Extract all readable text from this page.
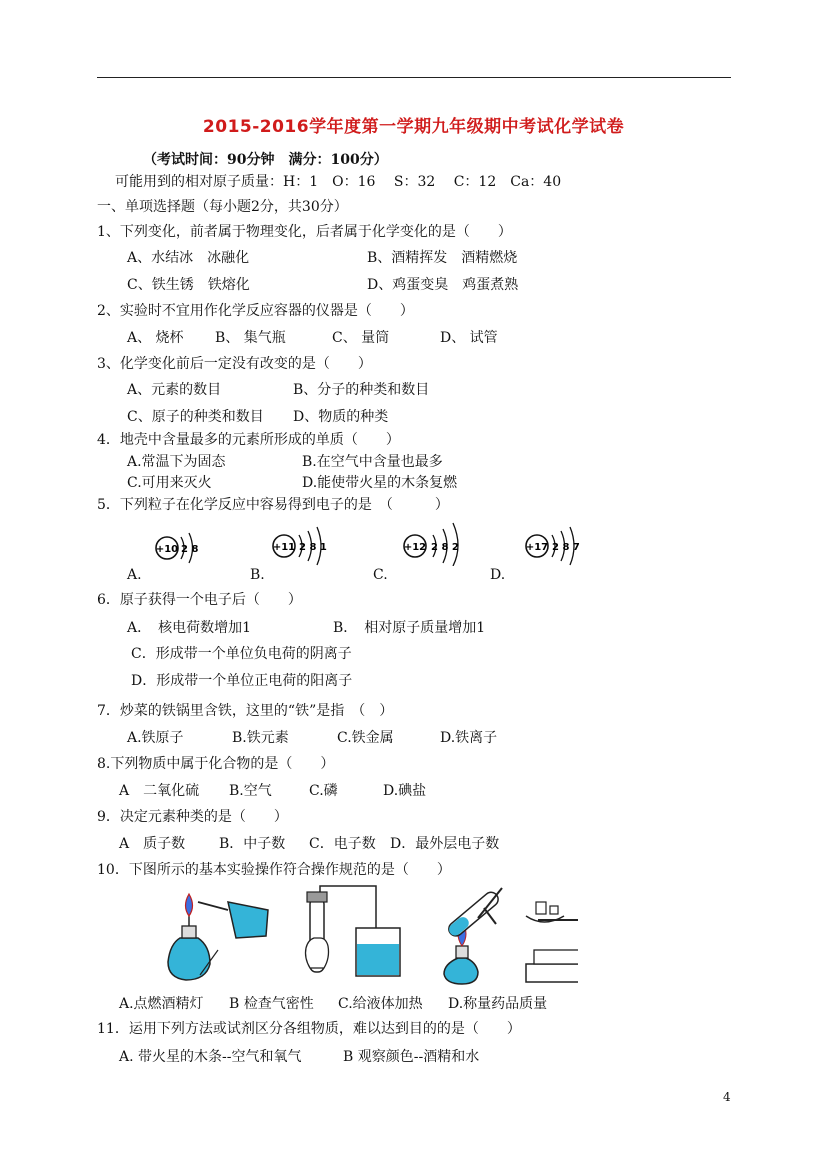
2015-2016学年度第一学期九年级期中考试化学试卷
（考试时间：90分钟　满分：100分）
可能用到的相对原子质量：H：1　O：16　 S：32　 C：12　Ca：40
一、单项选择题（每小题2分，共30分）
1、下列变化，前者属于物理变化，后者属于化学变化的是（　　）
A、水结冰　冰融化	B、酒精挥发　酒精燃烧
C、铁生锈　铁熔化	D、鸡蛋变臭　鸡蛋煮熟
2、实验时不宜用作化学反应容器的仪器是（　　）
A、 烧杯 B、 集气瓶	C、 量筒	D、 试管
3、化学变化前后一定没有改变的是（　　）
A、元素的数目	B、分子的种类和数目
C、原子的种类和数目 D、物质的种类
4．地壳中含量最多的元素所形成的单质（　　）
A.常温下为固态	B.在空气中含量也最多
C.可用来灭火	D.能使带火星的木条复燃
5．下列粒子在化学反应中容易得到电子的是　（　　　）
+10 2 8	+11 2 8 1	+12 2 8 2	+17 2 8 7
A.	B.	C.	D.
6．原子获得一个电子后（　　）
A．　核电荷数增加1	B．　相对原子质量增加1
C．形成带一个单位负电荷的阴离子
D．形成带一个单位正电荷的阳离子
7．炒菜的铁锅里含铁，这里的“铁”是指　（　）
A.铁原子	B.铁元素	C.铁金属	D.铁离子
8.下列物质中属于化合物的是（　　）
A　二氧化硫 B.空气	C.磷	D.碘盐
9．决定元素种类的是（　　）
A　质子数 B．中子数 C．电子数 D．最外层电子数
10．下图所示的基本实验操作符合操作规范的是（　　）
A.点燃酒精灯 B 检查气密性 C.给液体加热 D.称量药品质量
11．运用下列方法或试剂区分各组物质，难以达到目的的是（　　）
A. 带火星的木条--空气和氧气	B 观察颜色--酒精和水
4
